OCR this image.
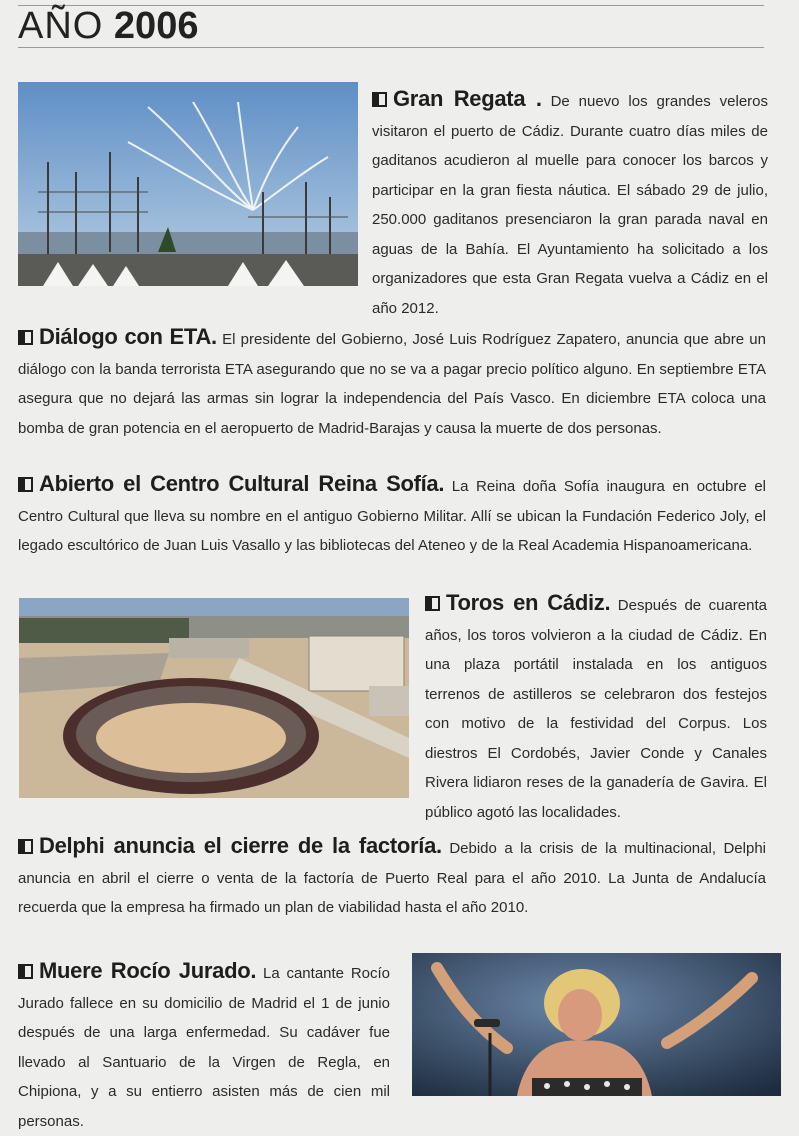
AÑO 2006

Gran Regata . De nuevo los grandes veleros visitaron el puerto de Cádiz. Durante cuatro días miles de gaditanos acudieron al muelle para conocer los barcos y participar en la gran fiesta náutica. El sábado 29 de julio, 250.000 gaditanos presenciaron la gran parada naval en aguas de la Bahía. El Ayuntamiento ha solicitado a los organizadores que esta Gran Regata vuelva a Cádiz en el año 2012.

Diálogo con ETA. El presidente del Gobierno, José Luis Rodríguez Zapatero, anuncia que abre un diálogo con la banda terrorista ETA asegurando que no se va a pagar precio político alguno. En septiembre ETA asegura que no dejará las armas sin lograr la independencia del País Vasco. En diciembre ETA coloca una bomba de gran potencia en el aeropuerto de Madrid-Barajas y causa la muerte de dos personas.

Abierto el Centro Cultural Reina Sofía. La Reina doña Sofía inaugura en octubre el Centro Cultural que lleva su nombre en el antiguo Gobierno Militar. Allí se ubican la Fundación Federico Joly, el legado escultórico de Juan Luis Vasallo y las bibliotecas del Ateneo y de la Real Academia Hispanoamericana.

Toros en Cádiz. Después de cuarenta años, los toros volvieron a la ciudad de Cádiz. En una plaza portátil instalada en los antiguos terrenos de astilleros se celebraron dos festejos con motivo de la festividad del Corpus. Los diestros El Cordobés, Javier Conde y Canales Rivera lidiaron reses de la ganadería de Gavira. El público agotó las localidades.

Delphi anuncia el cierre de la factoría. Debido a la crisis de la multinacional, Delphi anuncia en abril el cierre o venta de la factoría de Puerto Real para el año 2010. La Junta de Andalucía recuerda que la empresa ha firmado un plan de viabilidad hasta el año 2010.

Muere Rocío Jurado. La cantante Rocío Jurado fallece en su domicilio de Madrid el 1 de junio después de una larga enfermedad. Su cadáver fue llevado al Santuario de la Virgen de Regla, en Chipiona, y a su entierro asisten más de cien mil personas.
